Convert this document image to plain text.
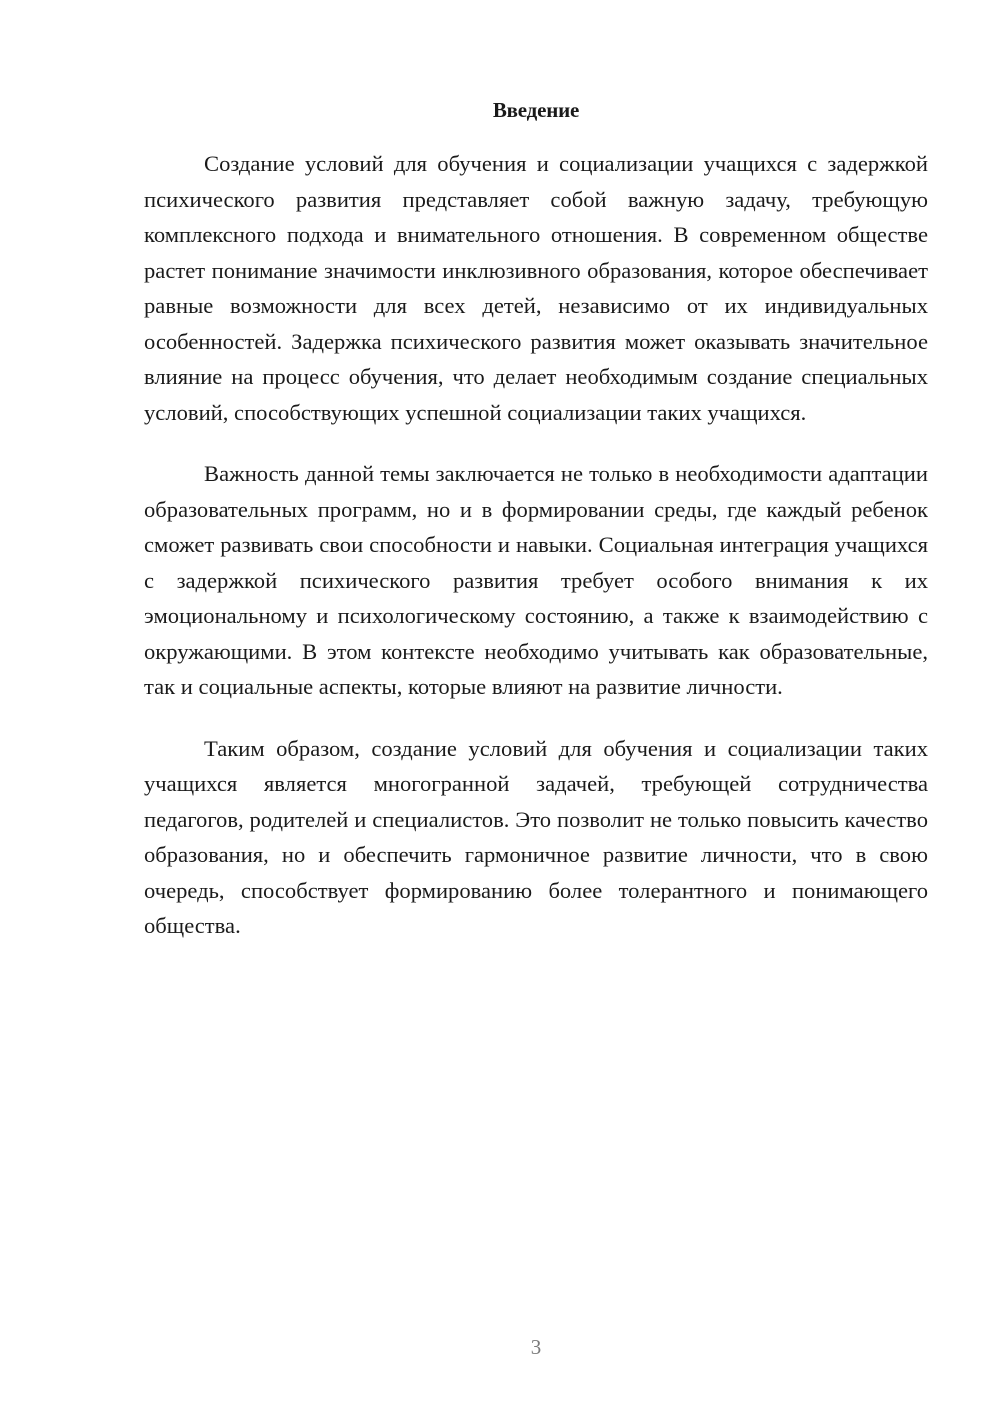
Введение

Создание условий для обучения и социализации учащихся с задержкой психического развития представляет собой важную задачу, требующую комплексного подхода и внимательного отношения. В современном обществе растет понимание значимости инклюзивного образования, которое обеспечивает равные возможности для всех детей, независимо от их индивидуальных особенностей. Задержка психического развития может оказывать значительное влияние на процесс обучения, что делает необходимым создание специальных условий, способствующих успешной социализации таких учащихся.

Важность данной темы заключается не только в необходимости адаптации образовательных программ, но и в формировании среды, где каждый ребенок сможет развивать свои способности и навыки. Социальная интеграция учащихся с задержкой психического развития требует особого внимания к их эмоциональному и психологическому состоянию, а также к взаимодействию с окружающими. В этом контексте необходимо учитывать как образовательные, так и социальные аспекты, которые влияют на развитие личности.

Таким образом, создание условий для обучения и социализации таких учащихся является многогранной задачей, требующей сотрудничества педагогов, родителей и специалистов. Это позволит не только повысить качество образования, но и обеспечить гармоничное развитие личности, что в свою очередь, способствует формированию более толерантного и понимающего общества.

3
